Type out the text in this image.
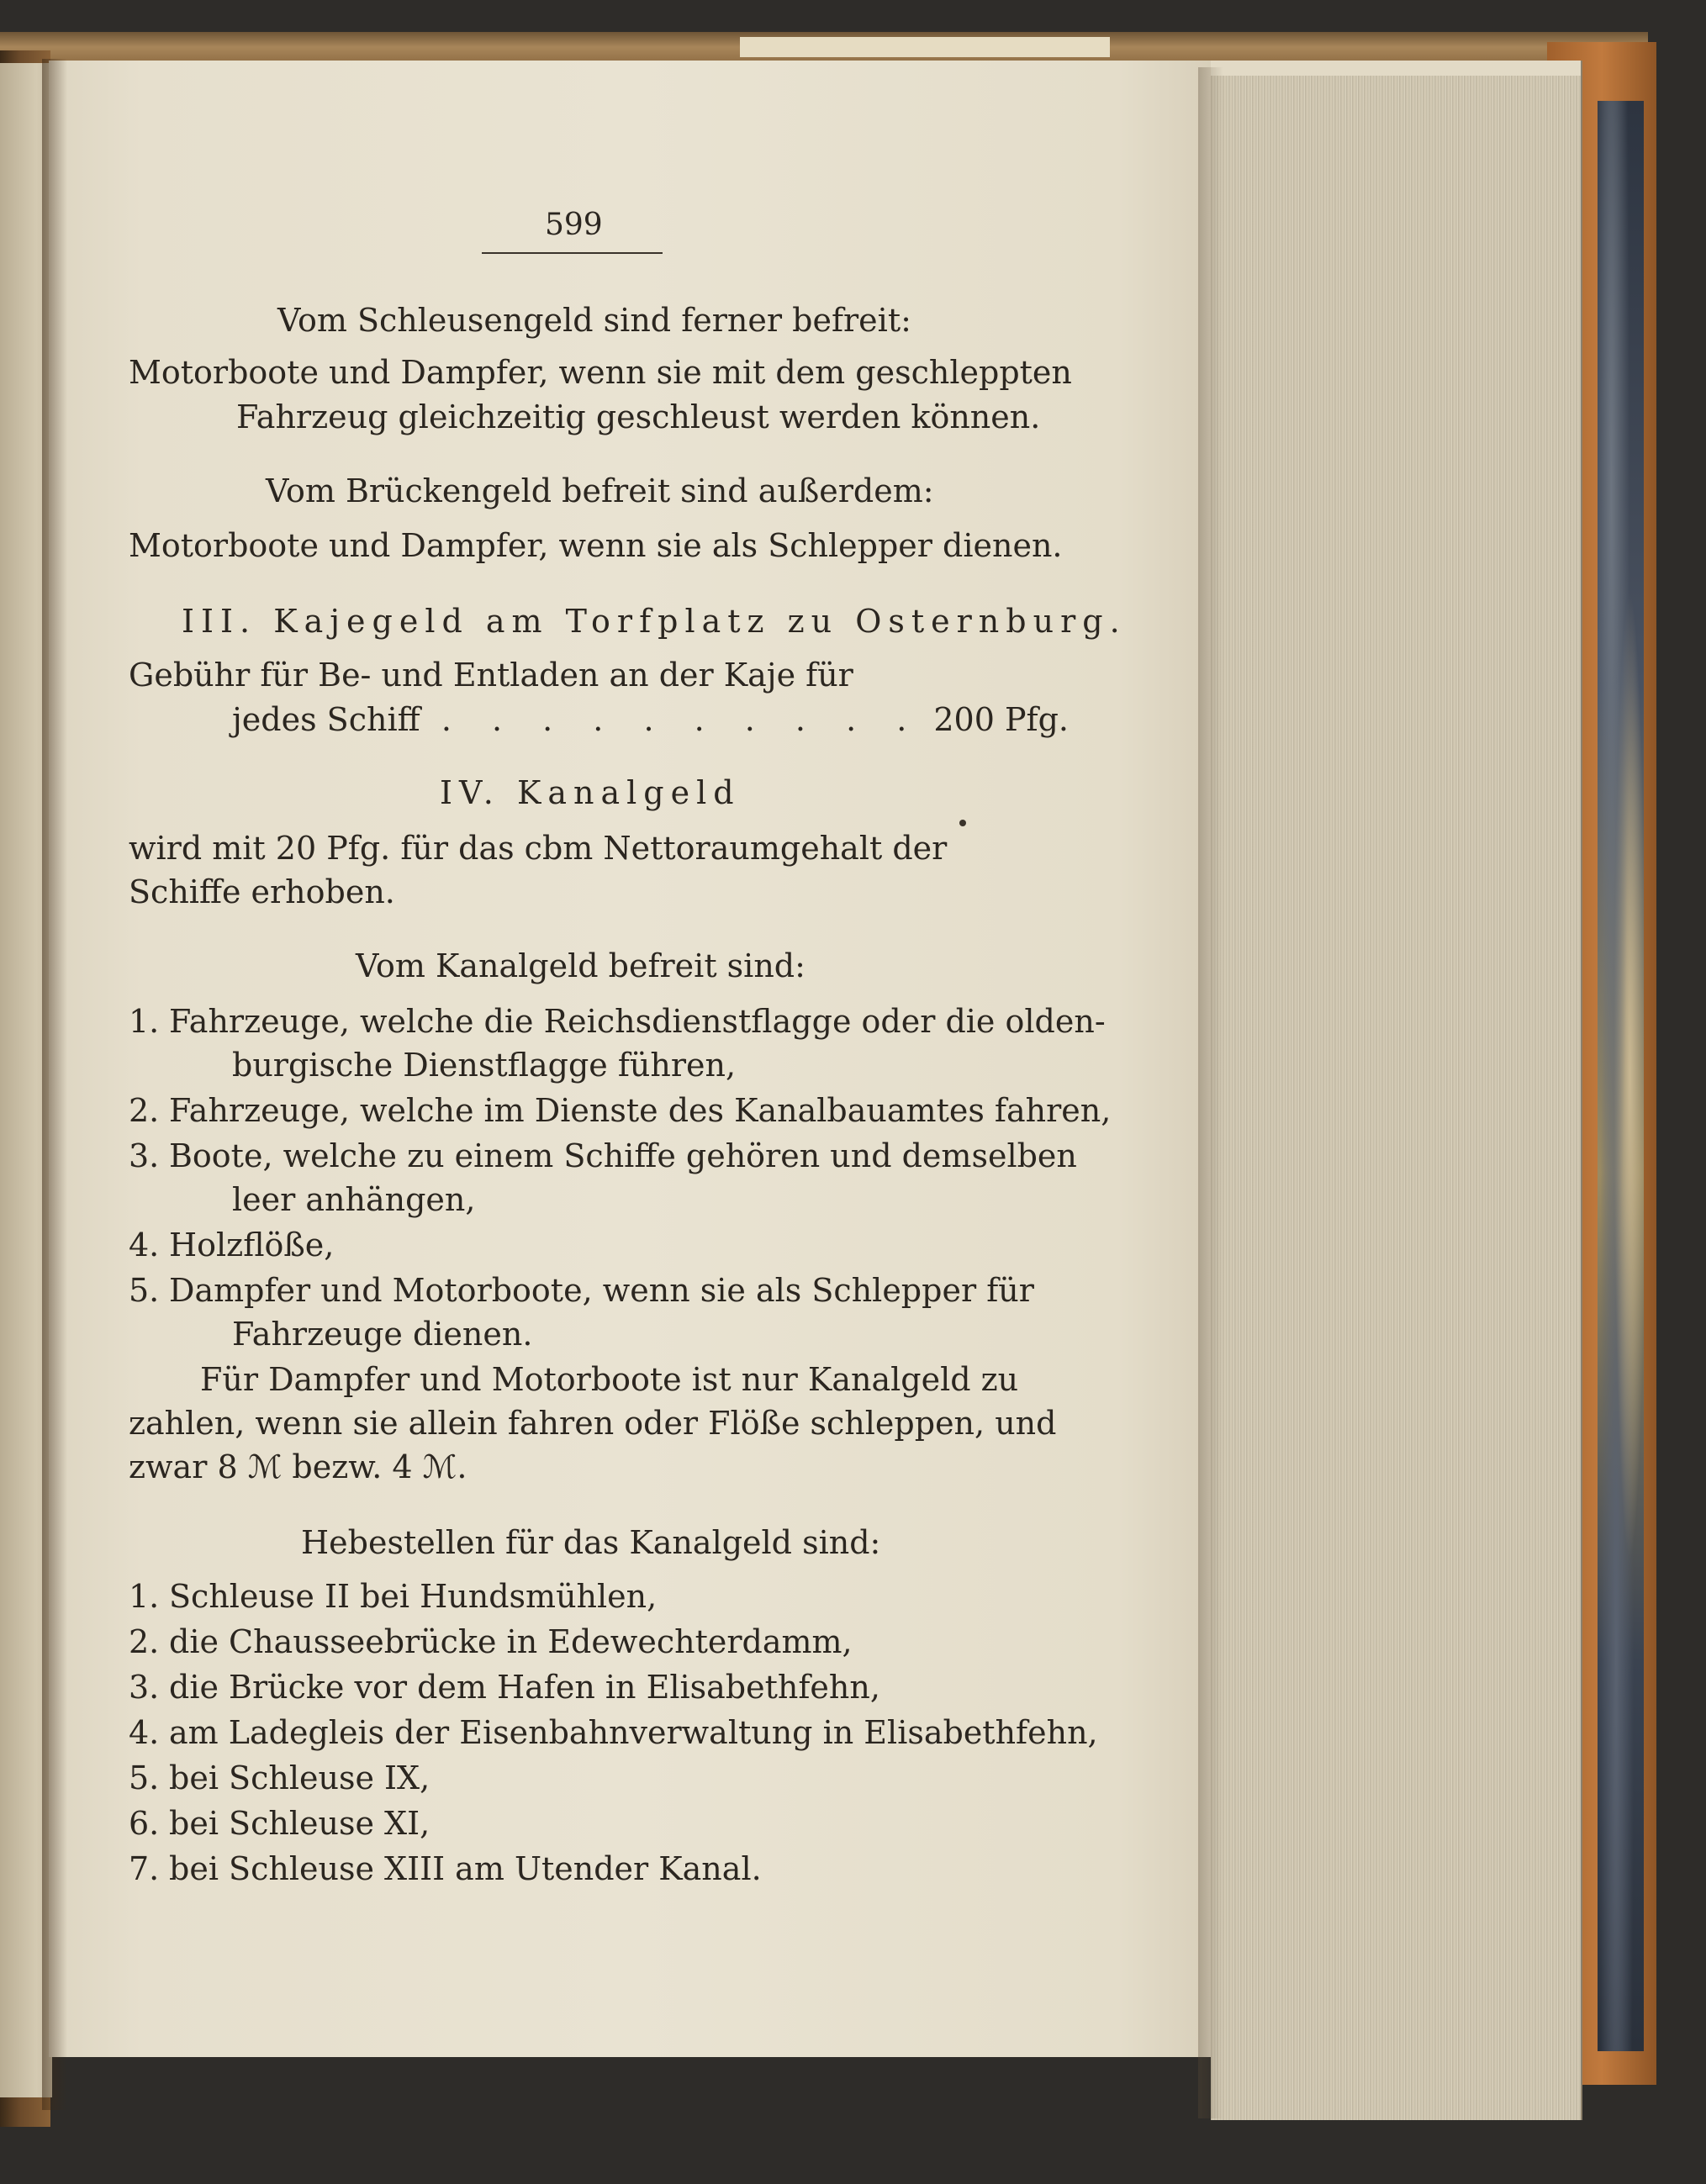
599
Vom Schleusengeld sind ferner befreit:
Motorboote und Dampfer, wenn sie mit dem geschleppten
Fahrzeug gleichzeitig geschleust werden können.
Vom Brückengeld befreit sind außerdem:
Motorboote und Dampfer, wenn sie als Schlepper dienen.
III. Kajegeld am Torfplatz zu Osternburg.
Gebühr für Be- und Entladen an der Kaje für
jedes Schiff . . . . . . . . . . 200 Pfg.
IV. Kanalgeld
wird mit 20 Pfg. für das cbm Nettoraumgehalt der
Schiffe erhoben.
Vom Kanalgeld befreit sind:
1. Fahrzeuge, welche die Reichsdienstflagge oder die olden-
burgische Dienstflagge führen,
2. Fahrzeuge, welche im Dienste des Kanalbauamtes fahren,
3. Boote, welche zu einem Schiffe gehören und demselben
leer anhängen,
4. Holzflöße,
5. Dampfer und Motorboote, wenn sie als Schlepper für
Fahrzeuge dienen.
Für Dampfer und Motorboote ist nur Kanalgeld zu
zahlen, wenn sie allein fahren oder Flöße schleppen, und
zwar 8 ℳ bezw. 4 ℳ.
Hebestellen für das Kanalgeld sind:
1. Schleuse II bei Hundsmühlen,
2. die Chausseebrücke in Edewechterdamm,
3. die Brücke vor dem Hafen in Elisabethfehn,
4. am Ladegleis der Eisenbahnverwaltung in Elisabethfehn,
5. bei Schleuse IX,
6. bei Schleuse XI,
7. bei Schleuse XIII am Utender Kanal.
